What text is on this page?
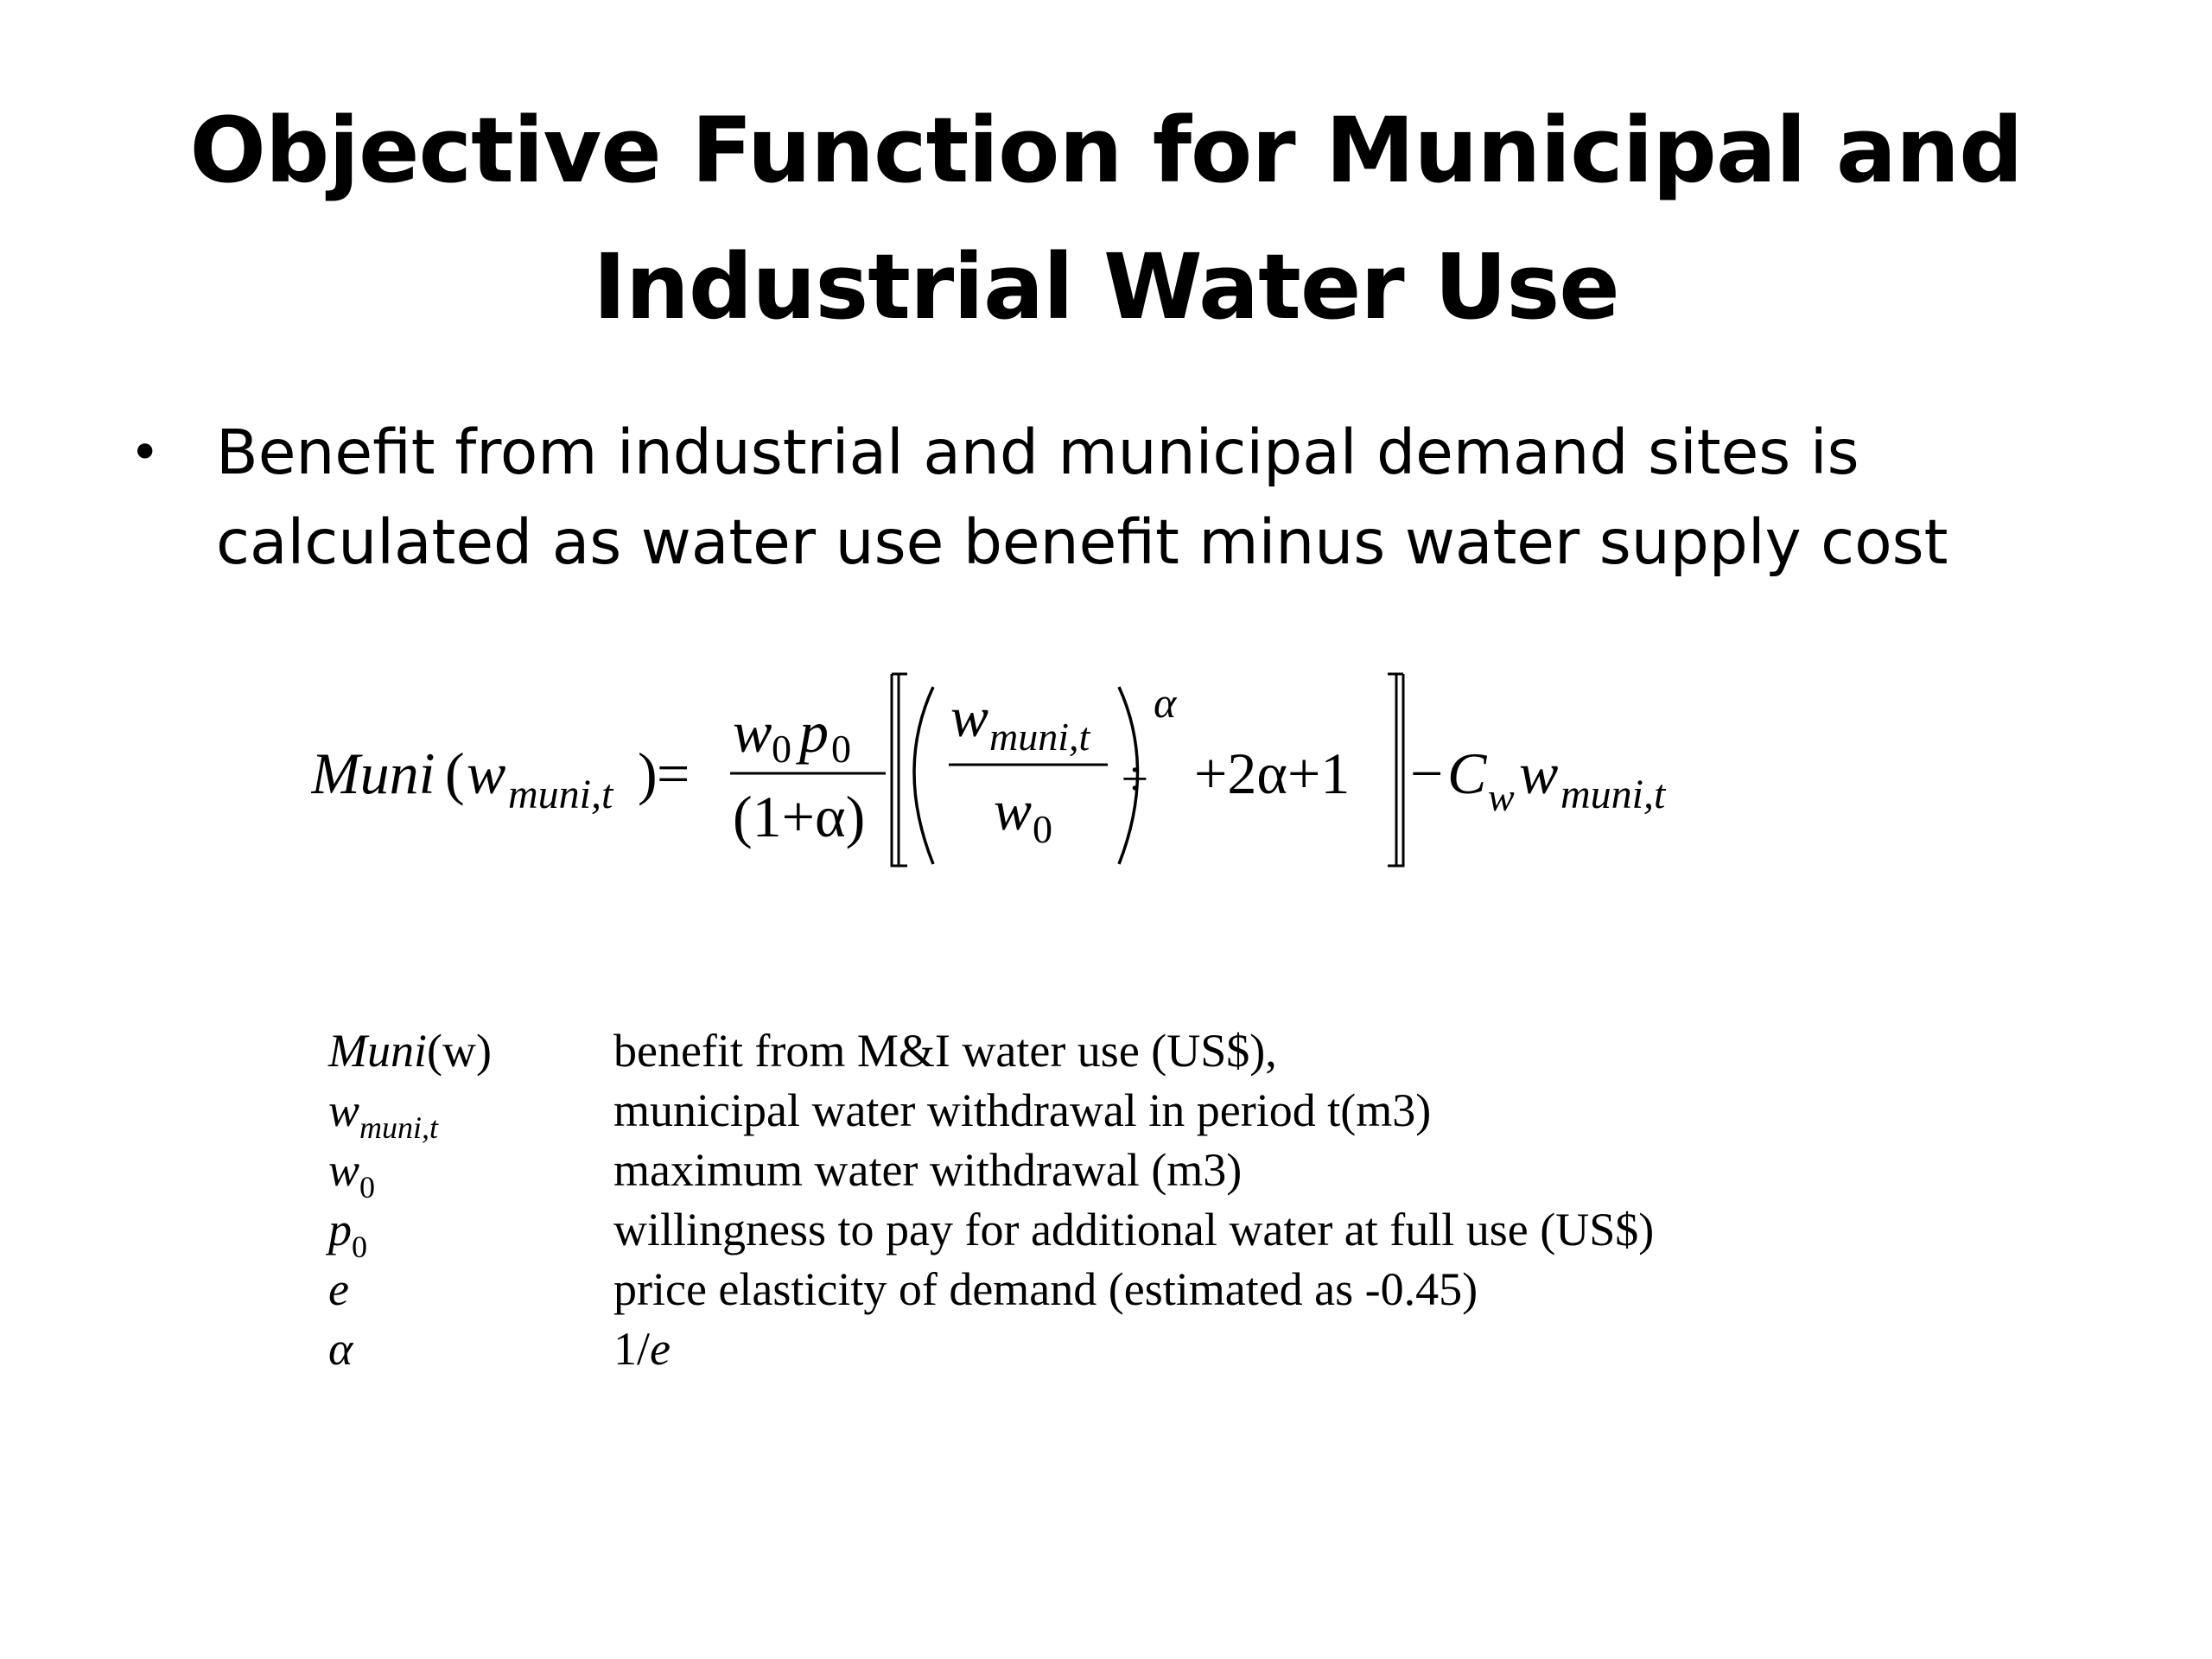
Objective Function for Municipal and
Industrial Water Use
• Benefit from industrial and municipal demand sites is
calculated as water use benefit minus water supply cost
Muni ( w muni,t ) =
w 0 p 0
(1+α)
w muni,t
w 0
÷
α
+2α+1 − C w w muni,t
Muni(w)	benefit from M&I water use (US$),
$w_{muni,t}$	municipal water withdrawal in period t(m3)
$w_0$	maximum water withdrawal (m3)
$p_0$	willingness to pay for additional water at full use (US$)
e	price elasticity of demand (estimated as -0.45)
α	1/e
